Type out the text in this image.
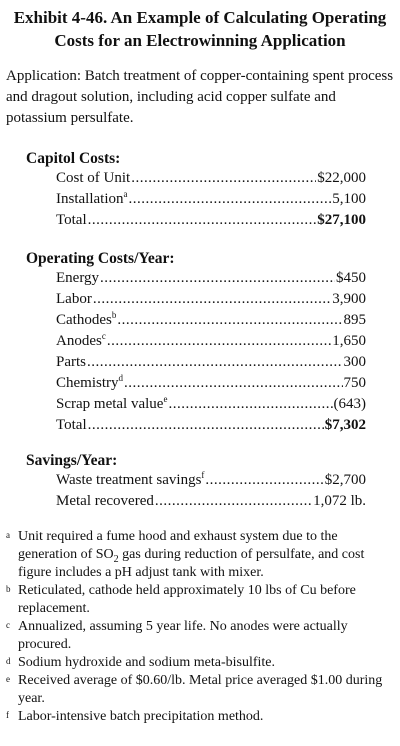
Exhibit 4-46. An Example of Calculating Operating
Costs for an Electrowinning Application
Application: Batch treatment of copper-containing spent process and dragout solution, including acid copper sulfate and potassium persulfate.
Capitol Costs:
Cost of Unit .....	$22,000
Installation$^a$ .....	5,100
Total .....	$27,100
Operating Costs/Year:
Energy .....	$450
Labor .....	3,900
Cathodes$^b$ .....	895
Anodes$^c$ .....	1,650
Parts .....	300
Chemistry$^d$ .....	750
Scrap metal value$^e$ .....	(643)
Total .....	$7,302
Savings/Year:
Waste treatment savings$^f$ .....	$2,700
Metal recovered .....	1,072 lb.
a Unit required a fume hood and exhaust system due to the generation of $SO_2$ gas during reduction of persulfate, and cost figure includes a pH adjust tank with mixer.
b Reticulated, cathode held approximately 10 lbs of Cu before replacement.
c Annualized, assuming 5 year life. No anodes were actually procured.
d Sodium hydroxide and sodium meta-bisulfite.
e Received average of $0.60/lb. Metal price averaged $1.00 during year.
f Labor-intensive batch precipitation method.
